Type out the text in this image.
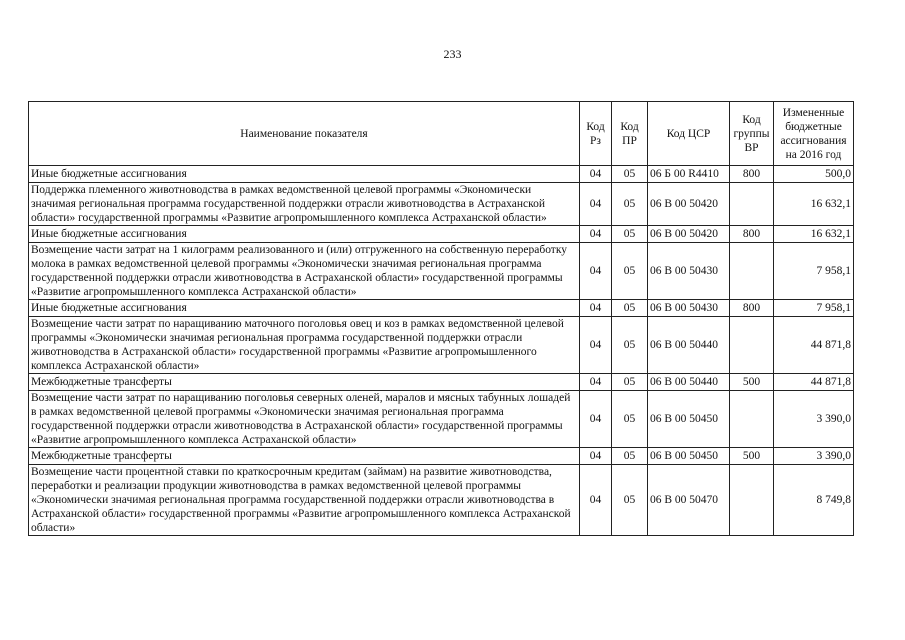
233
Наименование показателя	Код Рз	Код ПР	Код ЦСР	Код группы ВР	Измененные бюджетные ассигнования на 2016 год
Иные бюджетные ассигнования	04	05	06 Б 00 R4410	800	500,0
Поддержка племенного животноводства в рамках ведомственной целевой программы «Экономически значимая региональная программа государственной поддержки отрасли животноводства в Астраханской области» государственной программы «Развитие агропромышленного комплекса Астраханской области»	04	05	06 В 00 50420		16 632,1
Иные бюджетные ассигнования	04	05	06 В 00 50420	800	16 632,1
Возмещение части затрат на 1 килограмм реализованного и (или) отгруженного на собственную переработку молока в рамках ведомственной целевой программы «Экономически значимая региональная программа государственной поддержки отрасли животноводства в Астраханской области» государственной программы «Развитие агропромышленного комплекса Астраханской области»	04	05	06 В 00 50430		7 958,1
Иные бюджетные ассигнования	04	05	06 В 00 50430	800	7 958,1
Возмещение части затрат по наращиванию маточного поголовья овец и коз в рамках ведомственной целевой программы «Экономически значимая региональная программа государственной поддержки отрасли животноводства в Астраханской области» государственной программы «Развитие агропромышленного комплекса Астраханской области»	04	05	06 В 00 50440		44 871,8
Межбюджетные трансферты	04	05	06 В 00 50440	500	44 871,8
Возмещение части затрат по наращиванию поголовья северных оленей, маралов и мясных табунных лошадей в рамках ведомственной целевой программы «Экономически значимая региональная программа государственной поддержки отрасли животноводства в Астраханской области» государственной программы «Развитие агропромышленного комплекса Астраханской области»	04	05	06 В 00 50450		3 390,0
Межбюджетные трансферты	04	05	06 В 00 50450	500	3 390,0
Возмещение части процентной ставки по краткосрочным кредитам (займам) на развитие животноводства, переработки и реализации продукции животноводства в рамках ведомственной целевой программы «Экономически значимая региональная программа государственной поддержки отрасли животноводства в Астраханской области» государственной программы «Развитие агропромышленного комплекса Астраханской области»	04	05	06 В 00 50470		8 749,8
